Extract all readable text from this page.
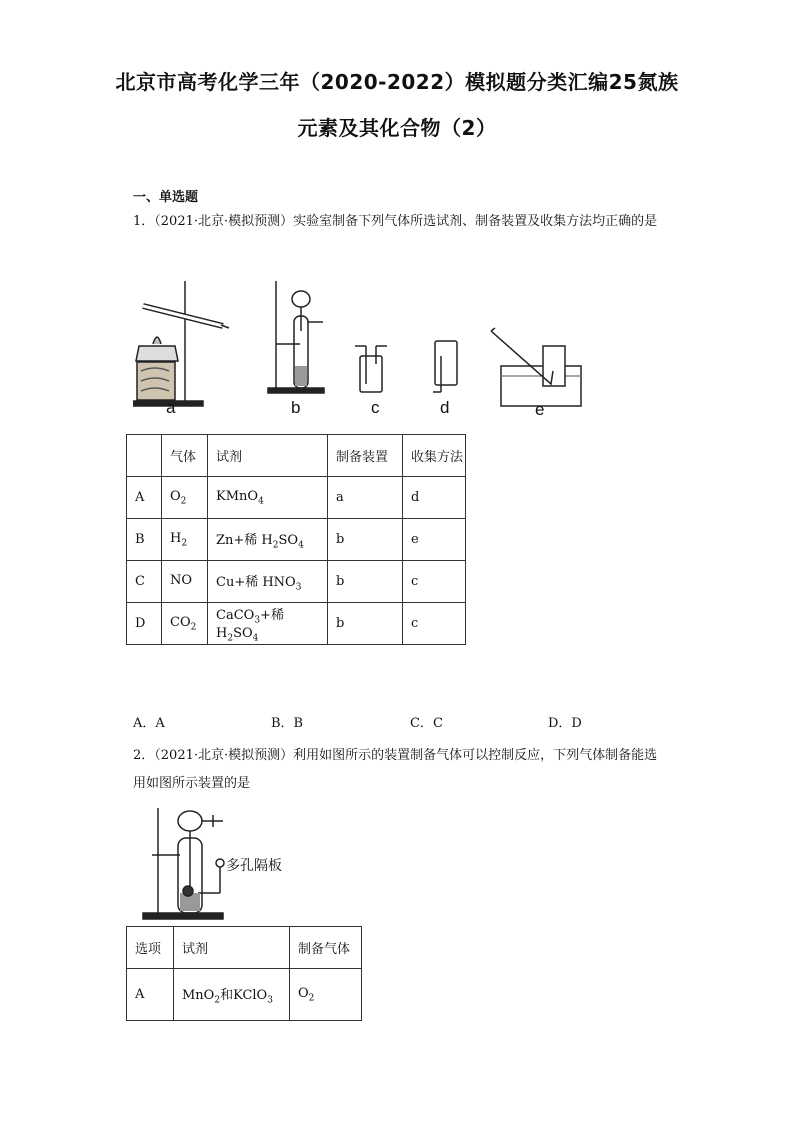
北京市高考化学三年（2020-2022）模拟题分类汇编25氮族
元素及其化合物（2）
一、单选题
1．（2021·北京·模拟预测）实验室制备下列气体所选试剂、制备装置及收集方法均正确的是
a	b	c	d	e
	气体	试剂	制备装置	收集方法
A	$O_2$	KMnO$_4$	a	d
B	$H_2$	Zn+稀 $H_2SO_4$	b	e
C	NO	Cu+稀 $HNO_3$	b	c
D	$CO_2$	CaCO$_3$+稀 $H_2SO_4$	b	c
A．A	B．B	C．C	D．D
2．（2021·北京·模拟预测）利用如图所示的装置制备气体可以控制反应，下列气体制备能选用如图所示装置的是
多孔隔板
选项	试剂	制备气体
A	MnO$_2$和KClO$_3$	$O_2$
